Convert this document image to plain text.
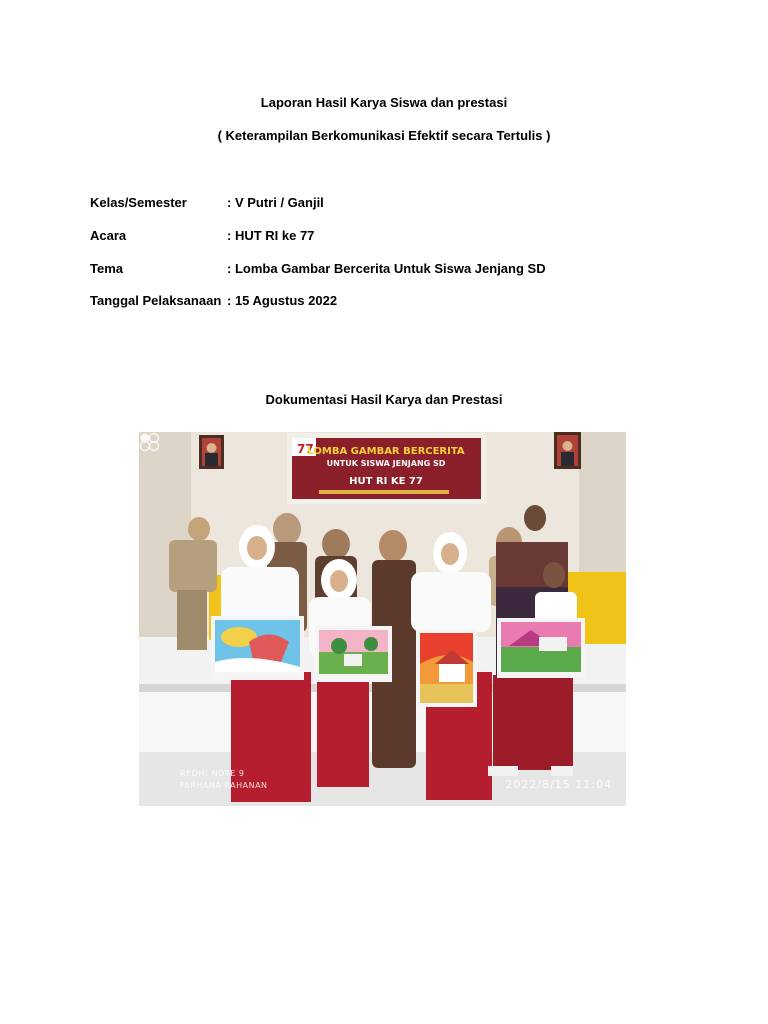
Laporan Hasil Karya Siswa dan prestasi
( Keterampilan Berkomunikasi Efektif secara Tertulis )
Kelas/Semester	: V Putri / Ganjil
Acara	: HUT RI ke 77
Tema	: Lomba Gambar Bercerita Untuk Siswa Jenjang SD
Tanggal Pelaksanaan : 15 Agustus 2022
Dokumentasi Hasil Karya dan Prestasi
77
LOMBA GAMBAR BERCERITA
UNTUK SISWA JENJANG SD
HUT RI KE 77
REDMI NOTE 9
FARHANA RAHANAN	2022/8/15 11:04
